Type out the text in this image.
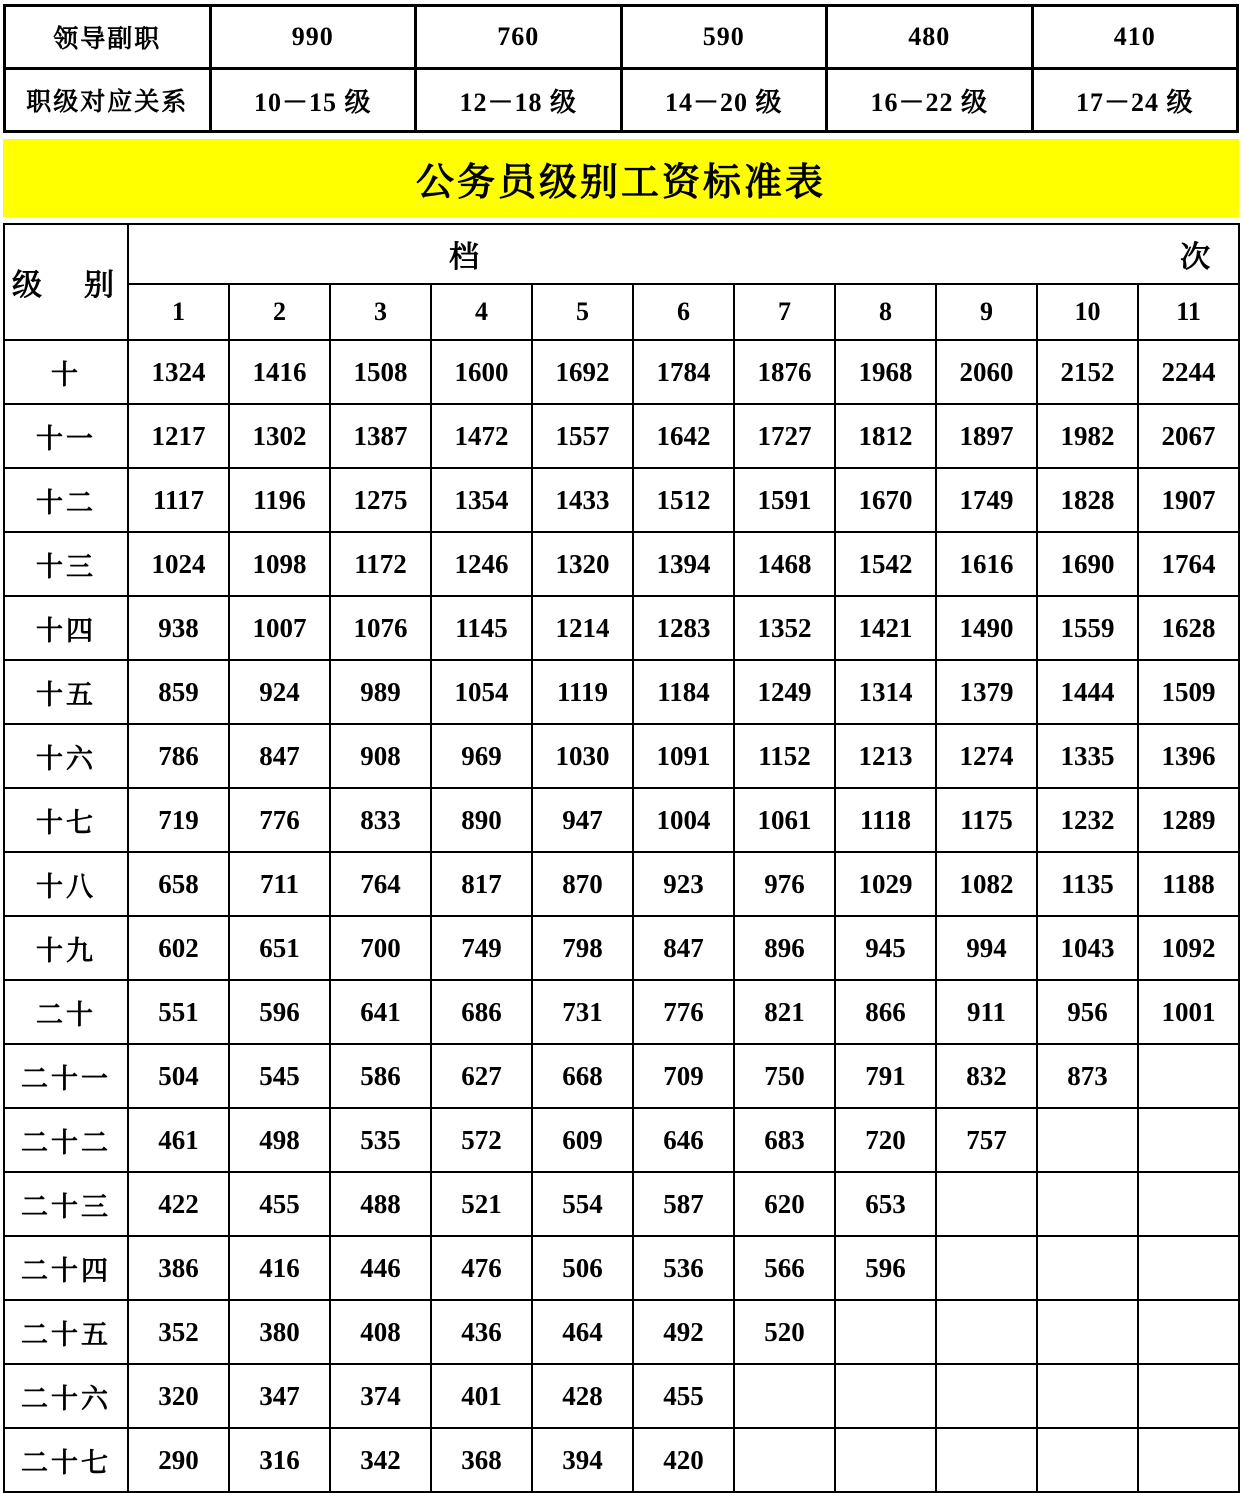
领导副职	990	760	590	480	410
职级对应关系	10－15 级	12－18 级	14－20 级	16－22 级	17－24 级
公务员级别工资标准表
级　别	档 次										

	1	2	3	4	5	6	7	8	9	10	11
十	1324	1416	1508	1600	1692	1784	1876	1968	2060	2152	2244
十一	1217	1302	1387	1472	1557	1642	1727	1812	1897	1982	2067
十二	1117	1196	1275	1354	1433	1512	1591	1670	1749	1828	1907
十三	1024	1098	1172	1246	1320	1394	1468	1542	1616	1690	1764
十四	938	1007	1076	1145	1214	1283	1352	1421	1490	1559	1628
十五	859	924	989	1054	1119	1184	1249	1314	1379	1444	1509
十六	786	847	908	969	1030	1091	1152	1213	1274	1335	1396
十七	719	776	833	890	947	1004	1061	1118	1175	1232	1289
十八	658	711	764	817	870	923	976	1029	1082	1135	1188
十九	602	651	700	749	798	847	896	945	994	1043	1092
二十	551	596	641	686	731	776	821	866	911	956	1001
二十一	504	545	586	627	668	709	750	791	832	873	
二十二	461	498	535	572	609	646	683	720	757		
二十三	422	455	488	521	554	587	620	653			
二十四	386	416	446	476	506	536	566	596			
二十五	352	380	408	436	464	492	520				
二十六	320	347	374	401	428	455					
二十七	290	316	342	368	394	420					
